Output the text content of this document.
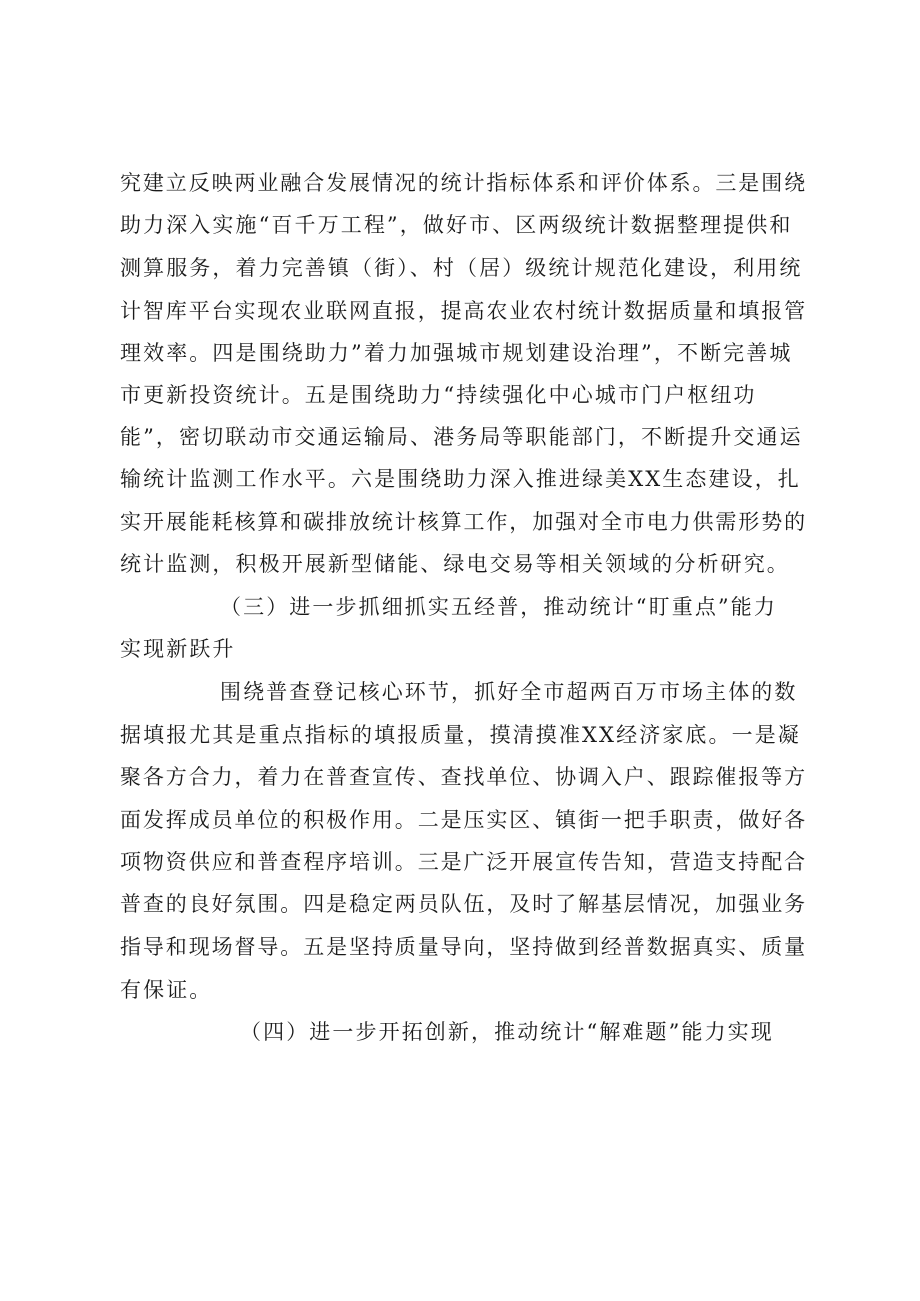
究建立反映两业融合发展情况的统计指标体系和评价体系。三是围绕

助力深入实施“百千万工程”，做好市、区两级统计数据整理提供和

测算服务，着力完善镇（街）、村（居）级统计规范化建设，利用统

计智库平台实现农业联网直报，提高农业农村统计数据质量和填报管

理效率。四是围绕助力”着力加强城市规划建设治理”，不断完善城

市更新投资统计。五是围绕助力“持续强化中心城市门户枢纽功

能”，密切联动市交通运输局、港务局等职能部门，不断提升交通运

输统计监测工作水平。六是围绕助力深入推进绿美XX生态建设，扎

实开展能耗核算和碳排放统计核算工作，加强对全市电力供需形势的

统计监测，积极开展新型储能、绿电交易等相关领域的分析研究。

（三）进一步抓细抓实五经普，推动统计“盯重点”能力

实现新跃升

围绕普查登记核心环节，抓好全市超两百万市场主体的数

据填报尤其是重点指标的填报质量，摸清摸准XX经济家底。一是凝

聚各方合力，着力在普查宣传、查找单位、协调入户、跟踪催报等方

面发挥成员单位的积极作用。二是压实区、镇街一把手职责，做好各

项物资供应和普查程序培训。三是广泛开展宣传告知，营造支持配合

普查的良好氛围。四是稳定两员队伍，及时了解基层情况，加强业务

指导和现场督导。五是坚持质量导向，坚持做到经普数据真实、质量

有保证。

（四）进一步开拓创新，推动统计“解难题”能力实现
